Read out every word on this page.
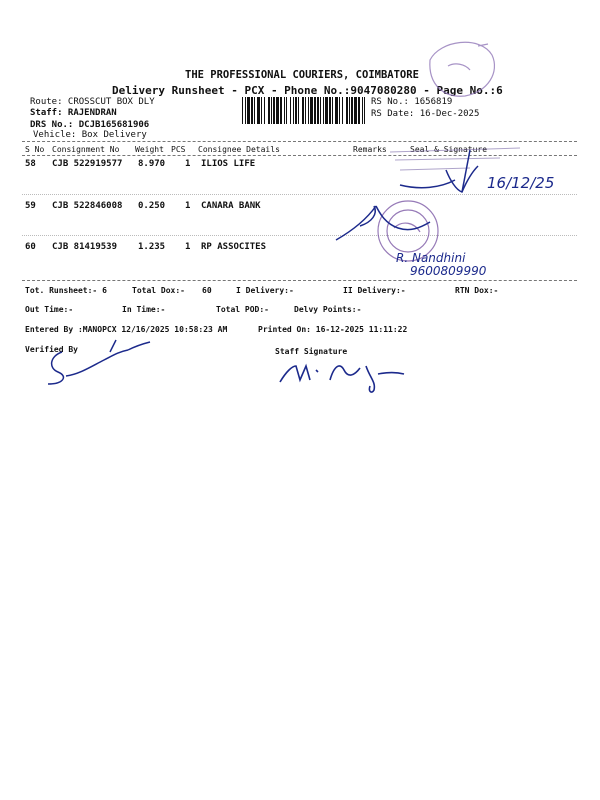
THE PROFESSIONAL COURIERS, COIMBATORE
Delivery Runsheet - PCX - Phone No.:9047080280 - Page No.:6
Route: CROSSCUT BOX DLY
Staff: RAJENDRAN
DRS No.: DCJB165681906
Vehicle: Box Delivery
RS No.: 1656819
RS Date: 16-Dec-2025
S No Consignment No Weight PCS Consignee Details	Remarks	Seal & Signature
58 CJB 522919577 8.970 1 ILIOS LIFE
59 CJB 522846008 0.250 1 CANARA BANK
60 CJB 81419539 1.235 1 RP ASSOCITES
Tot. Runsheet:- 6	Total Dox:- 60	I Delivery:-	II Delivery:-	RTN Dox:-
Out Time:-	In Time:-	Total POD:-	Delvy Points:-
Entered By :MANOPCX 12/16/2025 10:58:23 AM	Printed On: 16-12-2025 11:11:22
Verified By	Staff Signature
16/12/25
R. Nandhini
9600809990
